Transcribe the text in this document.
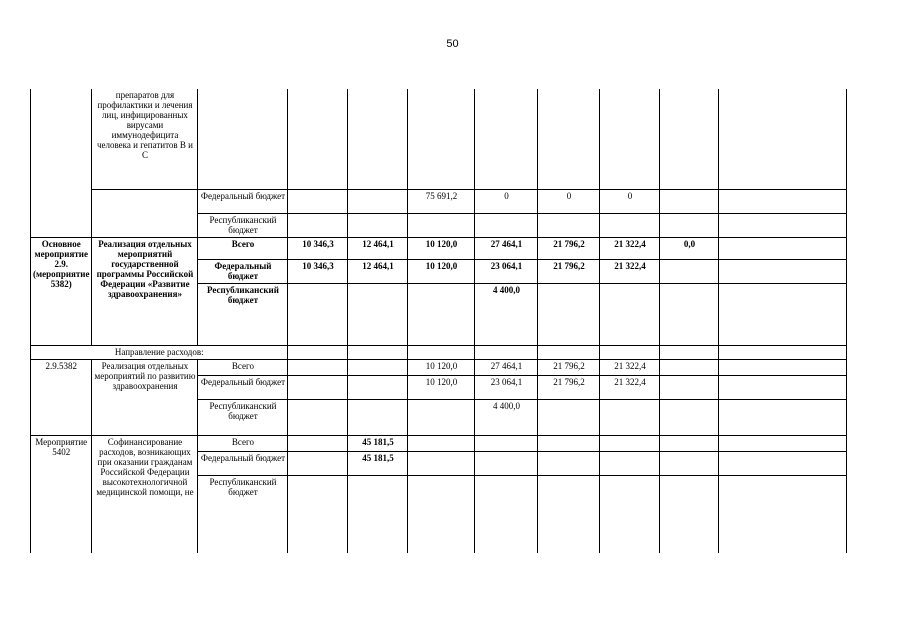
50
	препаратов для профилактики и лечения лиц, инфицированных вирусами иммунодефицита человека и гепатитов В и С									
		Федеральный бюджет			75 691,2	0	0	0		
		Республиканский бюджет								
Основное мероприятие 2.9. (мероприятие 5382)	Реализация отдельных мероприятий государственной программы Российской Федерации «Развитие здравоохранения»	Всего	10 346,3	12 464,1	10 120,0	27 464,1	21 796,2	21 322,4	0,0	
		Федеральный бюджет	10 346,3	12 464,1	10 120,0	23 064,1	21 796,2	21 322,4		
		Республиканский бюджет				4 400,0				
Направление расходов:										
2.9.5382	Реализация отдельных мероприятий по развитию здравоохранения	Всего			10 120,0	27 464,1	21 796,2	21 322,4		
		Федеральный бюджет			10 120,0	23 064,1	21 796,2	21 322,4		
		Республиканский бюджет				4 400,0				
Мероприятие 5402	Софинансирование расходов, возникающих при оказании гражданам Российской Федерации высокотехнологичной медицинской помощи, не	Всего		45 181,5						
		Федеральный бюджет		45 181,5						
		Республиканский бюджет								
